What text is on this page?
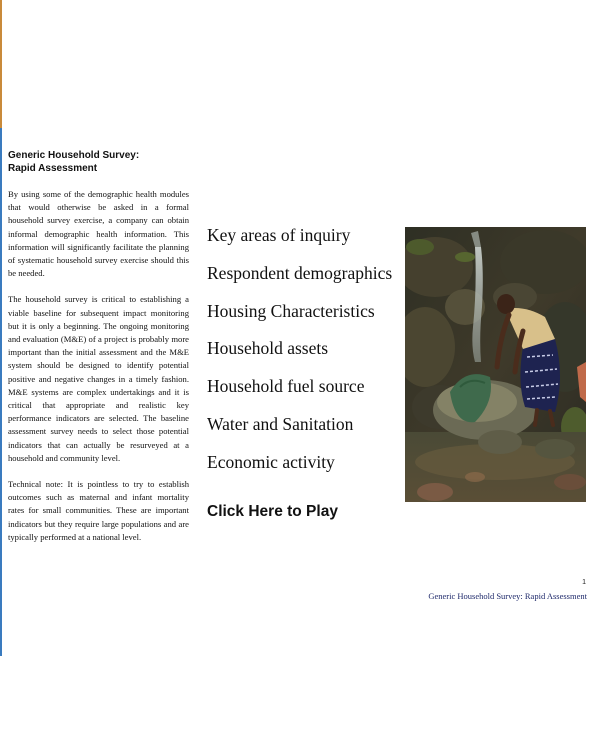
Generic Household Survey:
Rapid Assessment

By using some of the demographic health modules that would otherwise be asked in a formal household survey exercise, a company can obtain informal demographic health information. This information will significantly facilitate the planning of systematic household survey exercise should this be needed.

The household survey is critical to establishing a viable baseline for subsequent impact monitoring but it is only a beginning. The ongoing monitoring and evaluation (M&E) of a project is probably more important than the initial assessment and the M&E system should be designed to identify potential positive and negative changes in a timely fashion. M&E systems are complex undertakings and it is critical that appropriate and realistic key performance indicators are selected. The baseline assessment survey needs to select those potential indicators that can actually be resurveyed at a household and community level.

Technical note: It is pointless to try to establish outcomes such as maternal and infant mortality rates for small communities. These are important indicators but they require large populations and are typically performed at a national level.

Key areas of inquiry
Respondent demographics
Housing Characteristics
Household assets
Household fuel source
Water and Sanitation
Economic activity
Click Here to Play
1
Generic Household Survey: Rapid Assessment
